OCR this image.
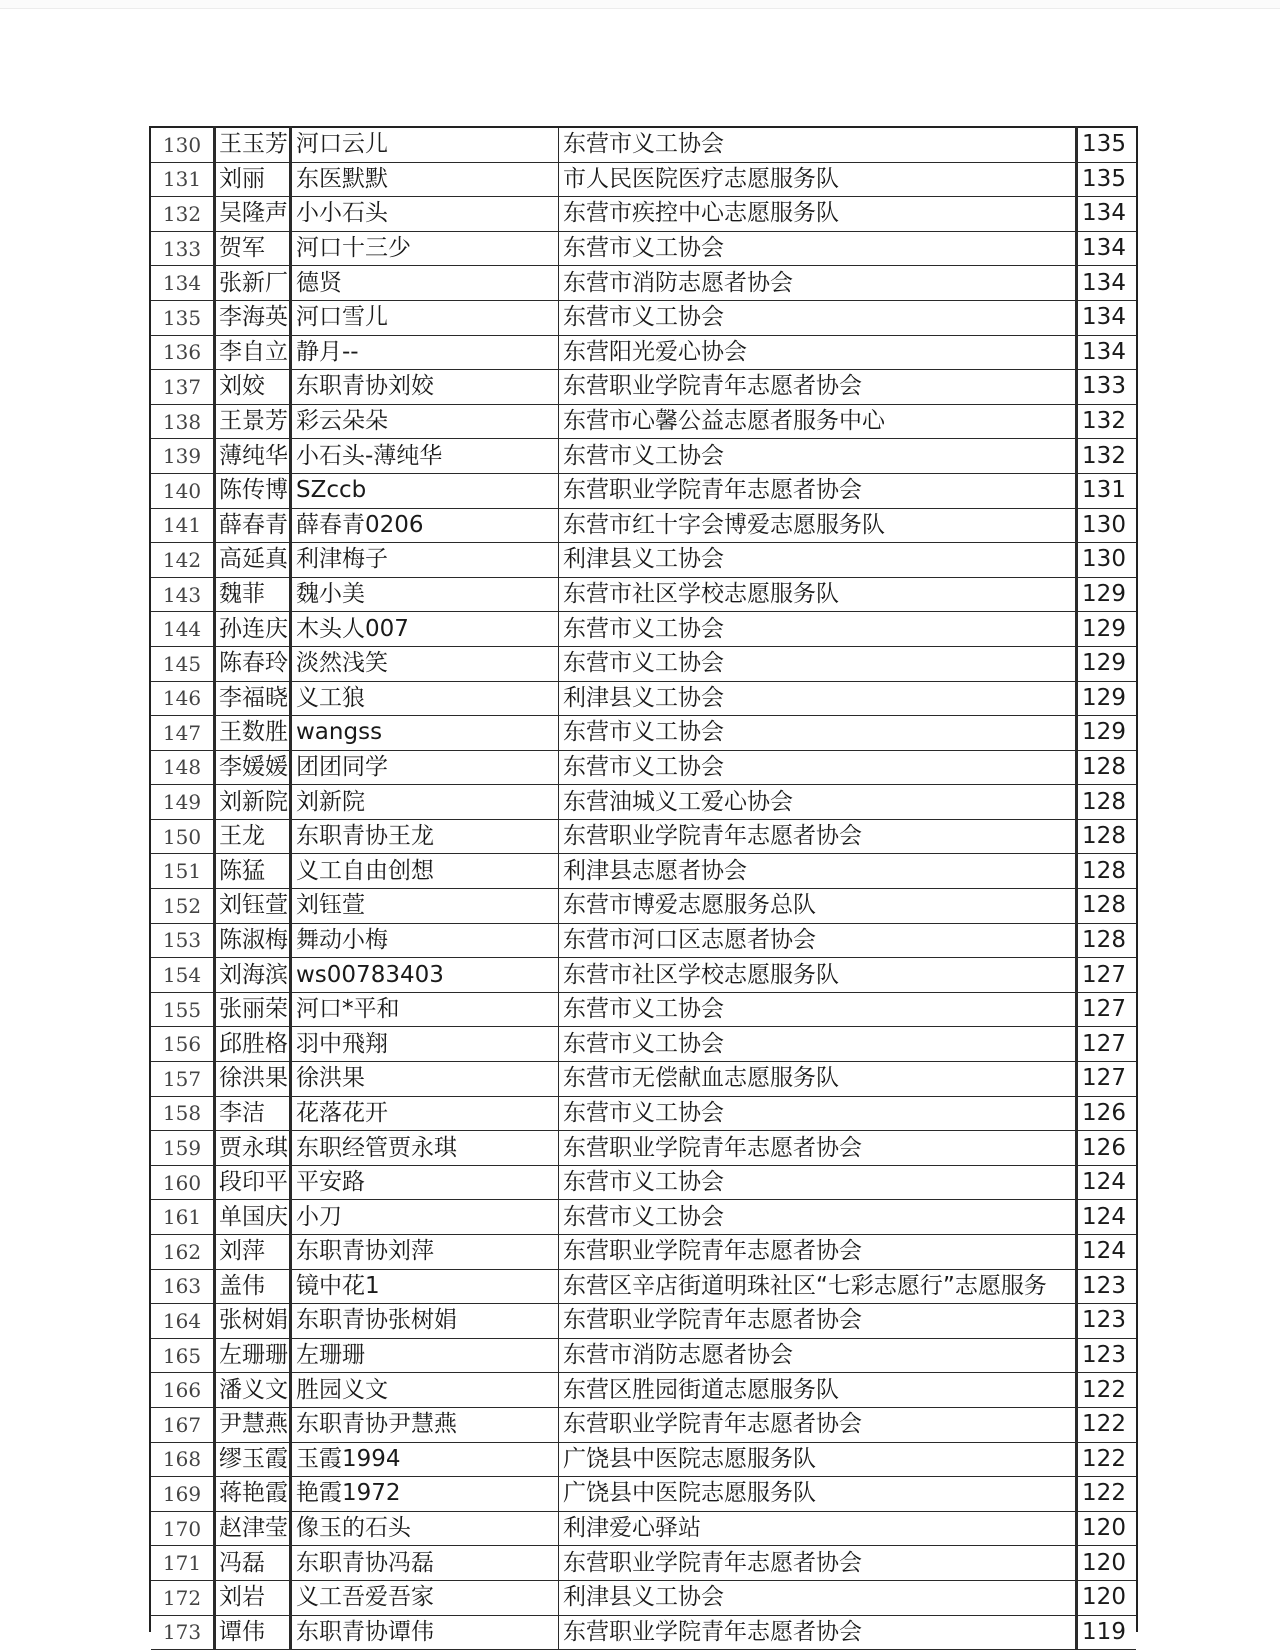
130	王玉芳	河口云儿	东营市义工协会	135
131	刘丽	东医默默	市人民医院医疗志愿服务队	135
132	吴隆声	小小石头	东营市疾控中心志愿服务队	134
133	贺军	河口十三少	东营市义工协会	134
134	张新厂	德贤	东营市消防志愿者协会	134
135	李海英	河口雪儿	东营市义工协会	134
136	李自立	静月--	东营阳光爱心协会	134
137	刘姣	东职青协刘姣	东营职业学院青年志愿者协会	133
138	王景芳	彩云朵朵	东营市心馨公益志愿者服务中心	132
139	薄纯华	小石头-薄纯华	东营市义工协会	132
140	陈传博	SZccb	东营职业学院青年志愿者协会	131
141	薛春青	薛春青0206	东营市红十字会博爱志愿服务队	130
142	高延真	利津梅子	利津县义工协会	130
143	魏菲	魏小美	东营市社区学校志愿服务队	129
144	孙连庆	木头人007	东营市义工协会	129
145	陈春玲	淡然浅笑	东营市义工协会	129
146	李福晓	义工狼	利津县义工协会	129
147	王数胜	wangss	东营市义工协会	129
148	李媛媛	团团同学	东营市义工协会	128
149	刘新院	刘新院	东营油城义工爱心协会	128
150	王龙	东职青协王龙	东营职业学院青年志愿者协会	128
151	陈猛	义工自由创想	利津县志愿者协会	128
152	刘钰萱	刘钰萱	东营市博爱志愿服务总队	128
153	陈淑梅	舞动小梅	东营市河口区志愿者协会	128
154	刘海滨	ws00783403	东营市社区学校志愿服务队	127
155	张丽荣	河口*平和	东营市义工协会	127
156	邱胜格	羽中飛翔	东营市义工协会	127
157	徐洪果	徐洪果	东营市无偿献血志愿服务队	127
158	李洁	花落花开	东营市义工协会	126
159	贾永琪	东职经管贾永琪	东营职业学院青年志愿者协会	126
160	段印平	平安路	东营市义工协会	124
161	单国庆	小刀	东营市义工协会	124
162	刘萍	东职青协刘萍	东营职业学院青年志愿者协会	124
163	盖伟	镜中花1	东营区辛店街道明珠社区“七彩志愿行”志愿服务	123
164	张树娟	东职青协张树娟	东营职业学院青年志愿者协会	123
165	左珊珊	左珊珊	东营市消防志愿者协会	123
166	潘义文	胜园义文	东营区胜园街道志愿服务队	122
167	尹慧燕	东职青协尹慧燕	东营职业学院青年志愿者协会	122
168	缪玉霞	玉霞1994	广饶县中医院志愿服务队	122
169	蒋艳霞	艳霞1972	广饶县中医院志愿服务队	122
170	赵津莹	像玉的石头	利津爱心驿站	120
171	冯磊	东职青协冯磊	东营职业学院青年志愿者协会	120
172	刘岩	义工吾爱吾家	利津县义工协会	120
173	谭伟	东职青协谭伟	东营职业学院青年志愿者协会	119
